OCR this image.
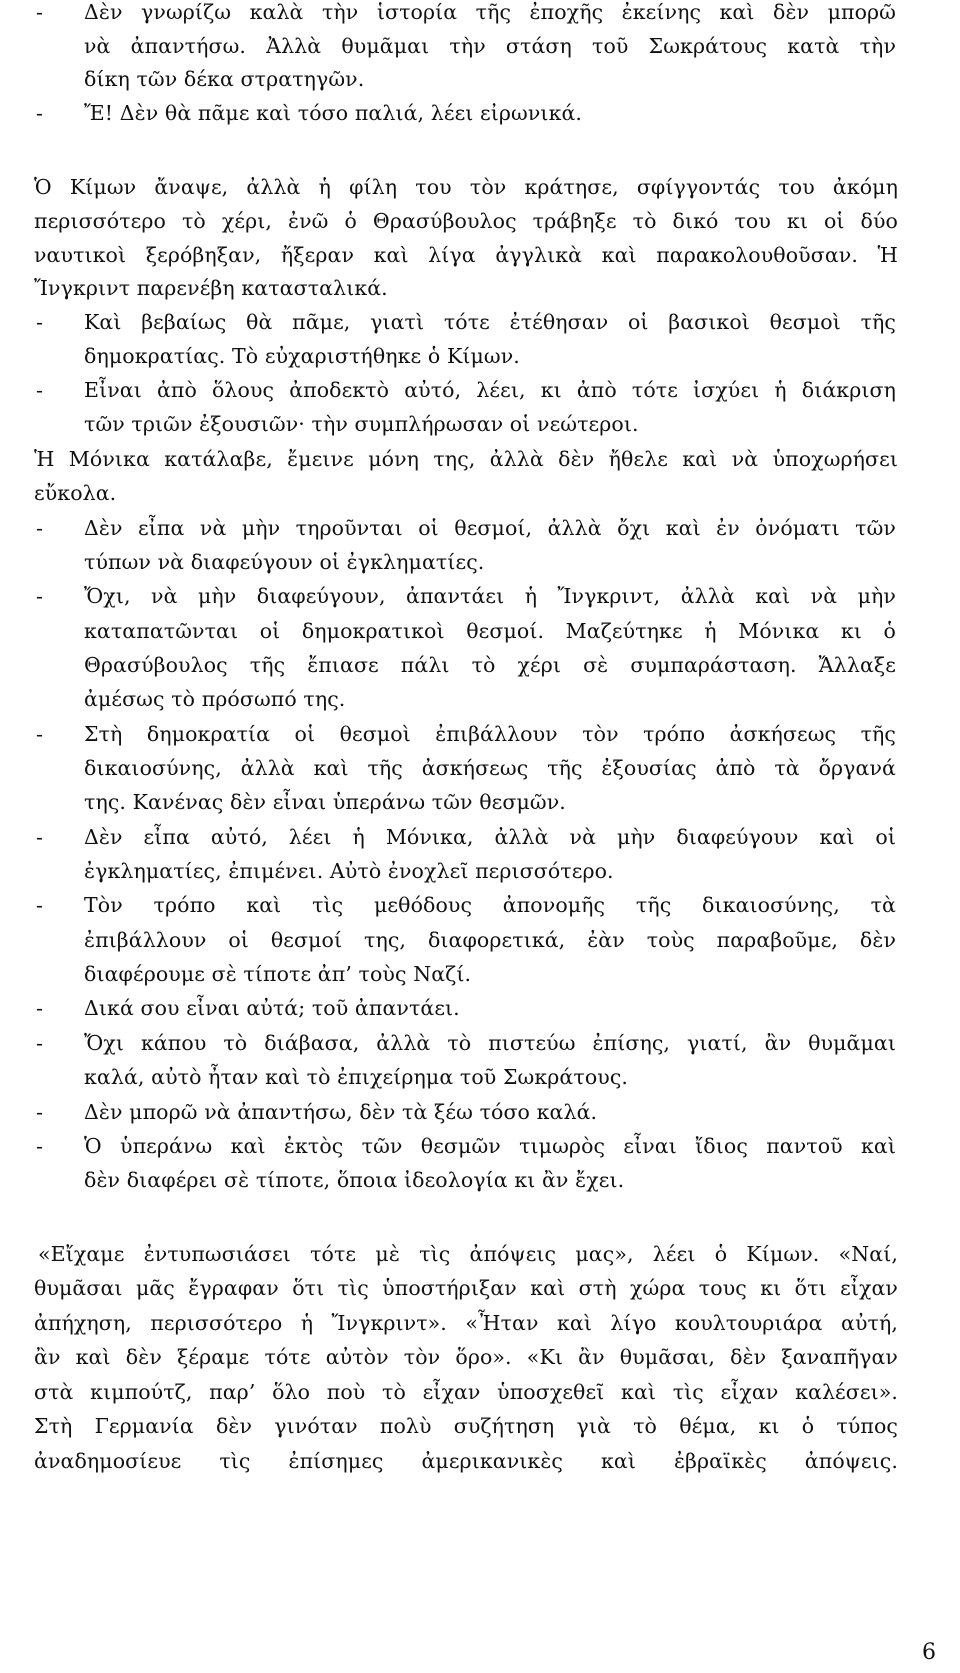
- Δὲν γνωρίζω καλὰ τὴν ἱστορία τῆς ἐποχῆς ἐκείνης καὶ δὲν μπορῶ

νὰ ἀπαντήσω. Ἀλλὰ θυμᾶμαι τὴν στάση τοῦ Σωκράτους κατὰ τὴν

δίκη τῶν δέκα στρατηγῶν.

- Ἔ! Δὲν θὰ πᾶμε καὶ τόσο παλιά, λέει εἰρωνικά.

Ὁ Κίμων ἄναψε, ἀλλὰ ἡ φίλη του τὸν κράτησε, σφίγγοντάς του ἀκόμη

περισσότερο τὸ χέρι, ἐνῶ ὁ Θρασύβουλος τράβηξε τὸ δικό του κι οἱ δύο

ναυτικοὶ ξερόβηξαν, ἤξεραν καὶ λίγα ἀγγλικὰ καὶ παρακολουθοῦσαν. Ἡ

Ἴνγκριντ παρενέβη κατασταλικά.

- Καὶ βεβαίως θὰ πᾶμε, γιατὶ τότε ἐτέθησαν οἱ βασικοὶ θεσμοὶ τῆς

δημοκρατίας. Τὸ εὐχαριστήθηκε ὁ Κίμων.

- Εἶναι ἀπὸ ὅλους ἀποδεκτὸ αὐτό, λέει, κι ἀπὸ τότε ἰσχύει ἡ διάκριση

τῶν τριῶν ἐξουσιῶν· τὴν συμπλήρωσαν οἱ νεώτεροι.

Ἡ Μόνικα κατάλαβε, ἔμεινε μόνη της, ἀλλὰ δὲν ἤθελε καὶ νὰ ὑποχωρήσει

εὔκολα.

- Δὲν εἶπα νὰ μὴν τηροῦνται οἱ θεσμοί, ἀλλὰ ὄχι καὶ ἐν ὀνόματι τῶν

τύπων νὰ διαφεύγουν οἱ ἐγκληματίες.

- Ὄχι, νὰ μὴν διαφεύγουν, ἀπαντάει ἡ Ἴνγκριντ, ἀλλὰ καὶ νὰ μὴν

καταπατῶνται οἱ δημοκρατικοὶ θεσμοί. Μαζεύτηκε ἡ Μόνικα κι ὁ

Θρασύβουλος τῆς ἔπιασε πάλι τὸ χέρι σὲ συμπαράσταση. Ἄλλαξε

ἀμέσως τὸ πρόσωπό της.

- Στὴ δημοκρατία οἱ θεσμοὶ ἐπιβάλλουν τὸν τρόπο ἀσκήσεως τῆς

δικαιοσύνης, ἀλλὰ καὶ τῆς ἀσκήσεως τῆς ἐξουσίας ἀπὸ τὰ ὄργανά

της. Κανένας δὲν εἶναι ὑπεράνω τῶν θεσμῶν.

- Δὲν εἶπα αὐτό, λέει ἡ Μόνικα, ἀλλὰ νὰ μὴν διαφεύγουν καὶ οἱ

ἐγκληματίες, ἐπιμένει. Αὐτὸ ἐνοχλεῖ περισσότερο.

- Τὸν τρόπο καὶ τὶς μεθόδους ἀπονομῆς τῆς δικαιοσύνης, τὰ

ἐπιβάλλουν οἱ θεσμοί της, διαφορετικά, ἐὰν τοὺς παραβοῦμε, δὲν

διαφέρουμε σὲ τίποτε ἀπ’ τοὺς Ναζί.

- Δικά σου εἶναι αὐτά; τοῦ ἀπαντάει.

- Ὄχι κάπου τὸ διάβασα, ἀλλὰ τὸ πιστεύω ἐπίσης, γιατί, ἂν θυμᾶμαι

καλά, αὐτὸ ἦταν καὶ τὸ ἐπιχείρημα τοῦ Σωκράτους.

- Δὲν μπορῶ νὰ ἀπαντήσω, δὲν τὰ ξέω τόσο καλά.

- Ὁ ὑπεράνω καὶ ἐκτὸς τῶν θεσμῶν τιμωρὸς εἶναι ἴδιος παντοῦ καὶ

δὲν διαφέρει σὲ τίποτε, ὅποια ἰδεολογία κι ἂν ἔχει.

«Εἴχαμε ἐντυπωσιάσει τότε μὲ τὶς ἀπόψεις μας», λέει ὁ Κίμων. «Ναί,

θυμᾶσαι μᾶς ἔγραφαν ὅτι τὶς ὑποστήριξαν καὶ στὴ χώρα τους κι ὅτι εἶχαν

ἀπήχηση, περισσότερο ἡ Ἴνγκριντ». «Ἦταν καὶ λίγο κουλτουριάρα αὐτή,

ἂν καὶ δὲν ξέραμε τότε αὐτὸν τὸν ὅρο». «Κι ἂν θυμᾶσαι, δὲν ξαναπῆγαν

στὰ κιμπούτζ, παρ’ ὅλο ποὺ τὸ εἶχαν ὑποσχεθεῖ καὶ τὶς εἶχαν καλέσει».

Στὴ Γερμανία δὲν γινόταν πολὺ συζήτηση γιὰ τὸ θέμα, κι ὁ τύπος

ἀναδημοσίευε τὶς ἐπίσημες ἀμερικανικὲς καὶ ἐβραϊκὲς ἀπόψεις.

6
